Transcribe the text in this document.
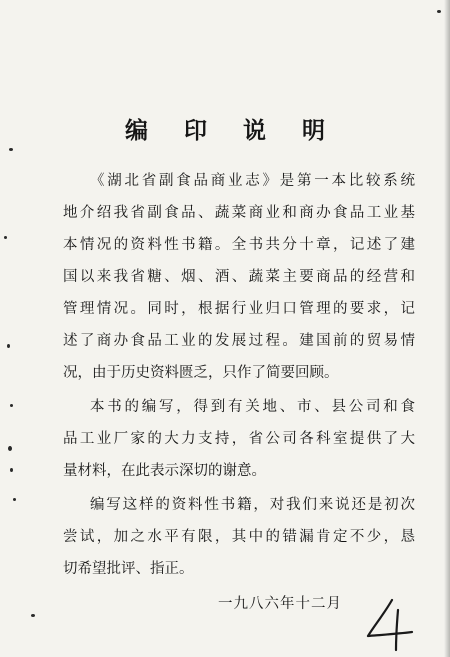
编 印 说 明
《湖北省副食品商业志》是第一本比较系统
地介绍我省副食品、蔬菜商业和商办食品工业基
本情况的资料性书籍。全书共分十章，记述了建
国以来我省糖、烟、酒、蔬菜主要商品的经营和
管理情况。同时，根据行业归口管理的要求，记
述了商办食品工业的发展过程。建国前的贸易情
况，由于历史资料匮乏，只作了简要回顾。
本书的编写，得到有关地、市、县公司和食
品工业厂家的大力支持，省公司各科室提供了大
量材料，在此表示深切的谢意。
编写这样的资料性书籍，对我们来说还是初次
尝试，加之水平有限，其中的错漏肯定不少，恳
切希望批评、指正。
一九八六年十二月
